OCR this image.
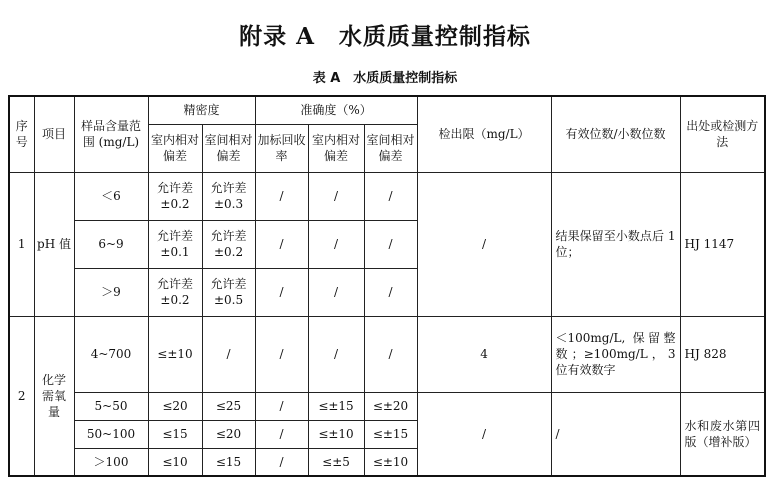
附录 A　水质质量控制指标
表 A　水质质量控制指标
序号	项目	样品含量范围 (mg/L)	精密度		准确度（%）			检出限（mg/L）	有效位数/小数位数	出处或检测方法
			室内相对偏差	室间相对偏差	加标回收率	室内相对偏差	室间相对偏差			
1	pH 值	＜6	允许差 ±0.2	允许差 ±0.3	/	/	/	/	结果保留至小数点后 1 位；	HJ 1147
		6~9	允许差 ±0.1	允许差 ±0.2	/	/	/			
		＞9	允许差 ±0.2	允许差 ±0.5	/	/	/			
2	化学需氧量	4~700	≤±10	/	/	/	/	4	＜100mg/L, 保留整数；≥100mg/L，3 位有效数字	HJ 828
		5~50	≤20	≤25	/	≤±15	≤±20	/	/	水和废水第四版（增补版）
		50~100	≤15	≤20	/	≤±10	≤±15			
		＞100	≤10	≤15	/	≤±5	≤±10			
